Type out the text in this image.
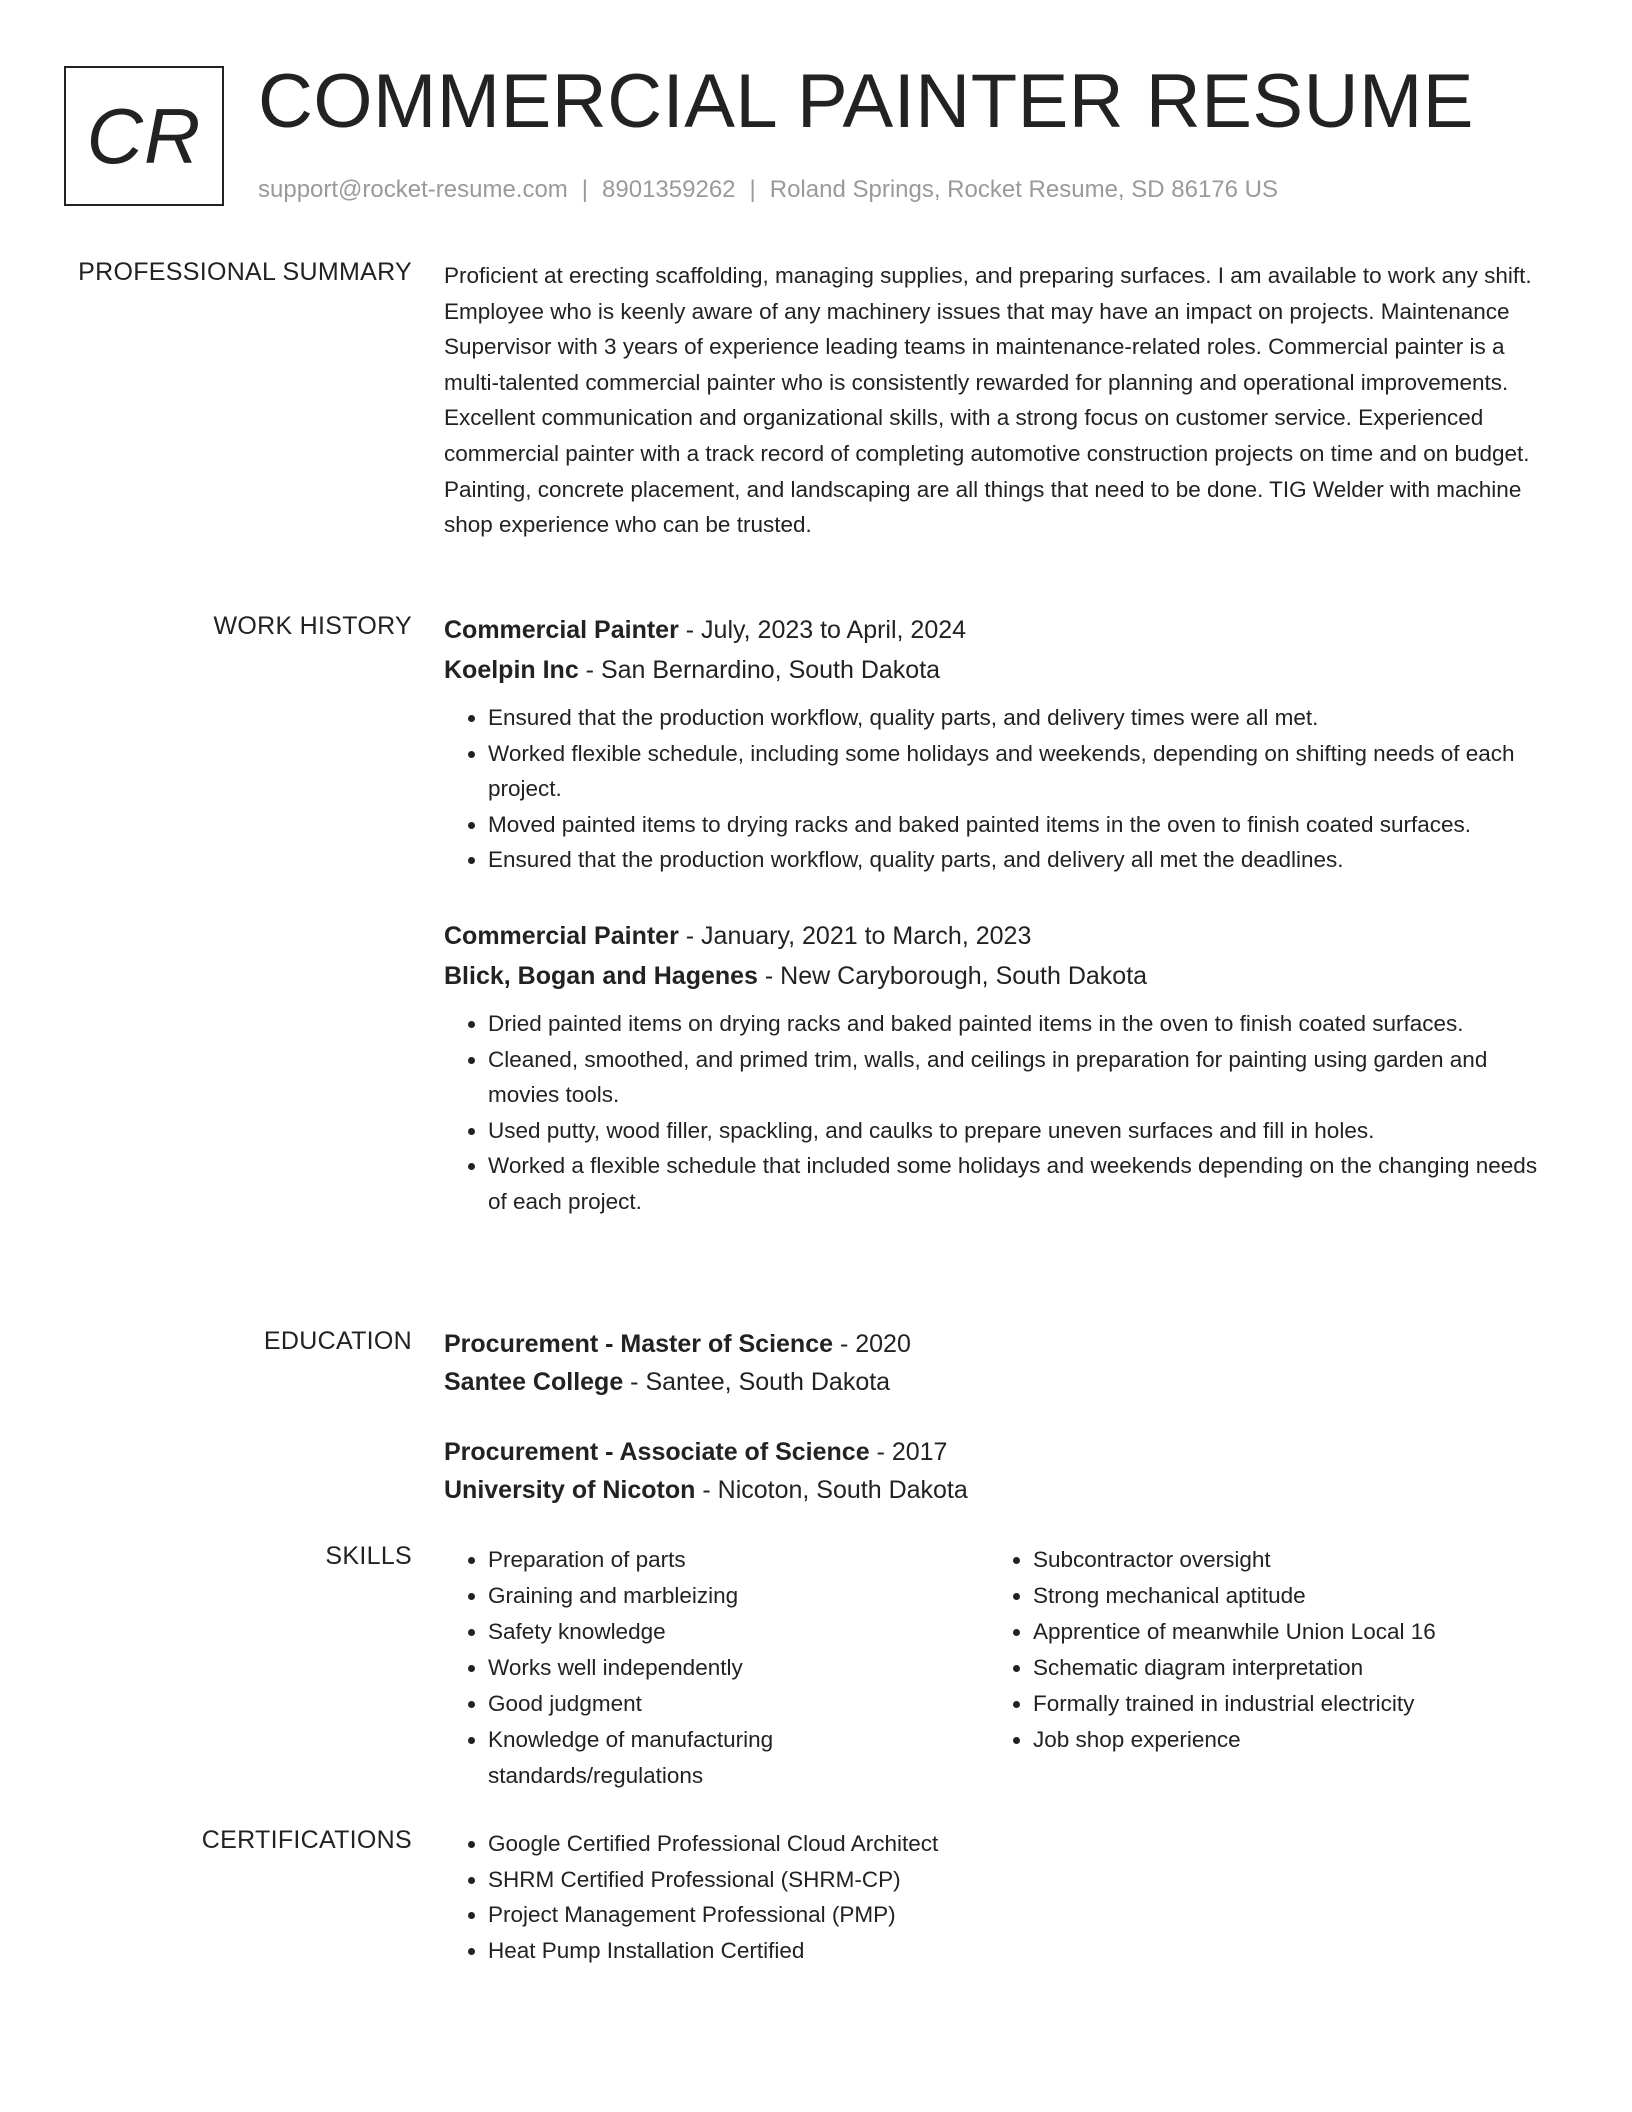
CR COMMERCIAL PAINTER RESUME
support@rocket-resume.com | 8901359262 | Roland Springs, Rocket Resume, SD 86176 US
PROFESSIONAL SUMMARY Proficient at erecting scaffolding, managing supplies, and preparing surfaces. I am available to work any shift. Employee who is keenly aware of any machinery issues that may have an impact on projects. Maintenance Supervisor with 3 years of experience leading teams in maintenance-related roles. Commercial painter is a multi-talented commercial painter who is consistently rewarded for planning and operational improvements. Excellent communication and organizational skills, with a strong focus on customer service. Experienced commercial painter with a track record of completing automotive construction projects on time and on budget. Painting, concrete placement, and landscaping are all things that need to be done. TIG Welder with machine shop experience who can be trusted.

WORK HISTORY Commercial Painter - July, 2023 to April, 2024
Koelpin Inc - San Bernardino, South Dakota
• Ensured that the production workflow, quality parts, and delivery times were all met.
• Worked flexible schedule, including some holidays and weekends, depending on shifting needs of each project.
• Moved painted items to drying racks and baked painted items in the oven to finish coated surfaces.
• Ensured that the production workflow, quality parts, and delivery all met the deadlines.
Commercial Painter - January, 2021 to March, 2023
Blick, Bogan and Hagenes - New Caryborough, South Dakota
• Dried painted items on drying racks and baked painted items in the oven to finish coated surfaces.
• Cleaned, smoothed, and primed trim, walls, and ceilings in preparation for painting using garden and movies tools.
• Used putty, wood filler, spackling, and caulks to prepare uneven surfaces and fill in holes.
• Worked a flexible schedule that included some holidays and weekends depending on the changing needs of each project.
EDUCATION Procurement - Master of Science - 2020
Santee College - Santee, South Dakota
Procurement - Associate of Science - 2017
University of Nicoton - Nicoton, South Dakota
SKILLS	• Preparation of parts
• Graining and marbleizing
• Safety knowledge
• Works well independently
• Good judgment
• Knowledge of manufacturing standards/regulations
• Subcontractor oversight
• Strong mechanical aptitude
• Apprentice of meanwhile Union Local 16
• Schematic diagram interpretation
• Formally trained in industrial electricity
• Job shop experience
CERTIFICATIONS	• Google Certified Professional Cloud Architect
• SHRM Certified Professional (SHRM-CP)
• Project Management Professional (PMP)
• Heat Pump Installation Certified
